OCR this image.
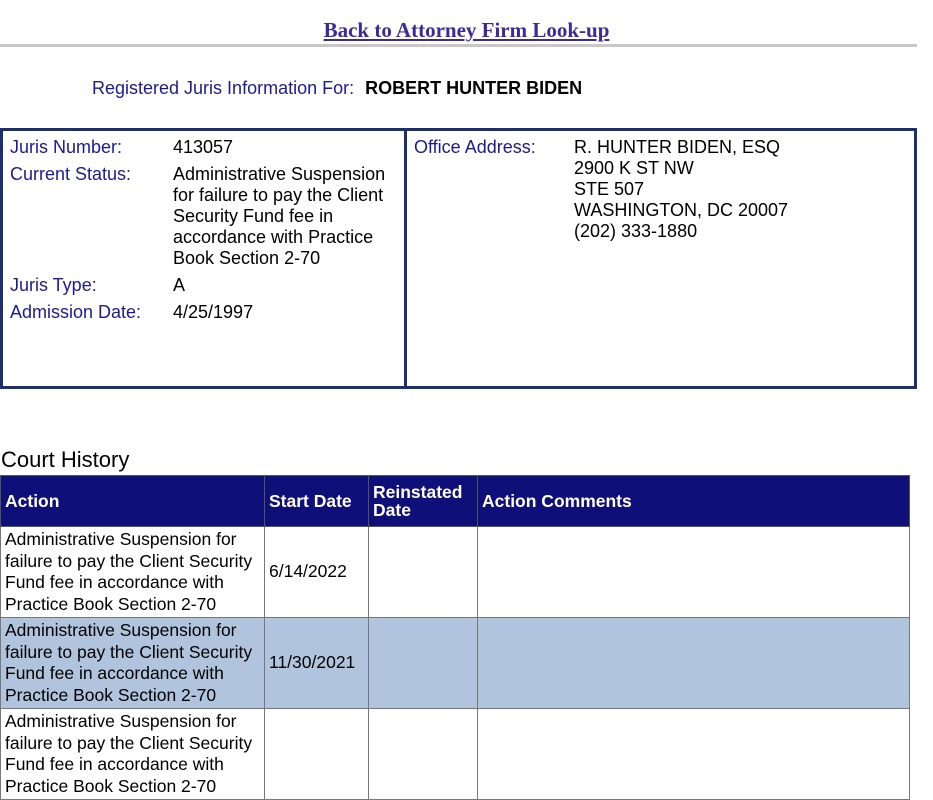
Back to Attorney Firm Look-up
Registered Juris Information For: ROBERT HUNTER BIDEN
Juris Number:	413057
Current Status:	Administrative Suspension for failure to pay the Client Security Fund fee in accordance with Practice Book Section 2-70
Juris Type:	A
Admission Date:	4/25/1997
Office Address:	R. HUNTER BIDEN, ESQ
2900 K ST NW
STE 507
WASHINGTON, DC 20007
(202) 333-1880
Court History
Action	Start Date	Reinstated Date	Action Comments
Administrative Suspension for failure to pay the Client Security Fund fee in accordance with Practice Book Section 2-70	6/14/2022		
Administrative Suspension for failure to pay the Client Security Fund fee in accordance with Practice Book Section 2-70	11/30/2021		
Administrative Suspension for failure to pay the Client Security Fund fee in accordance with Practice Book Section 2-70			
